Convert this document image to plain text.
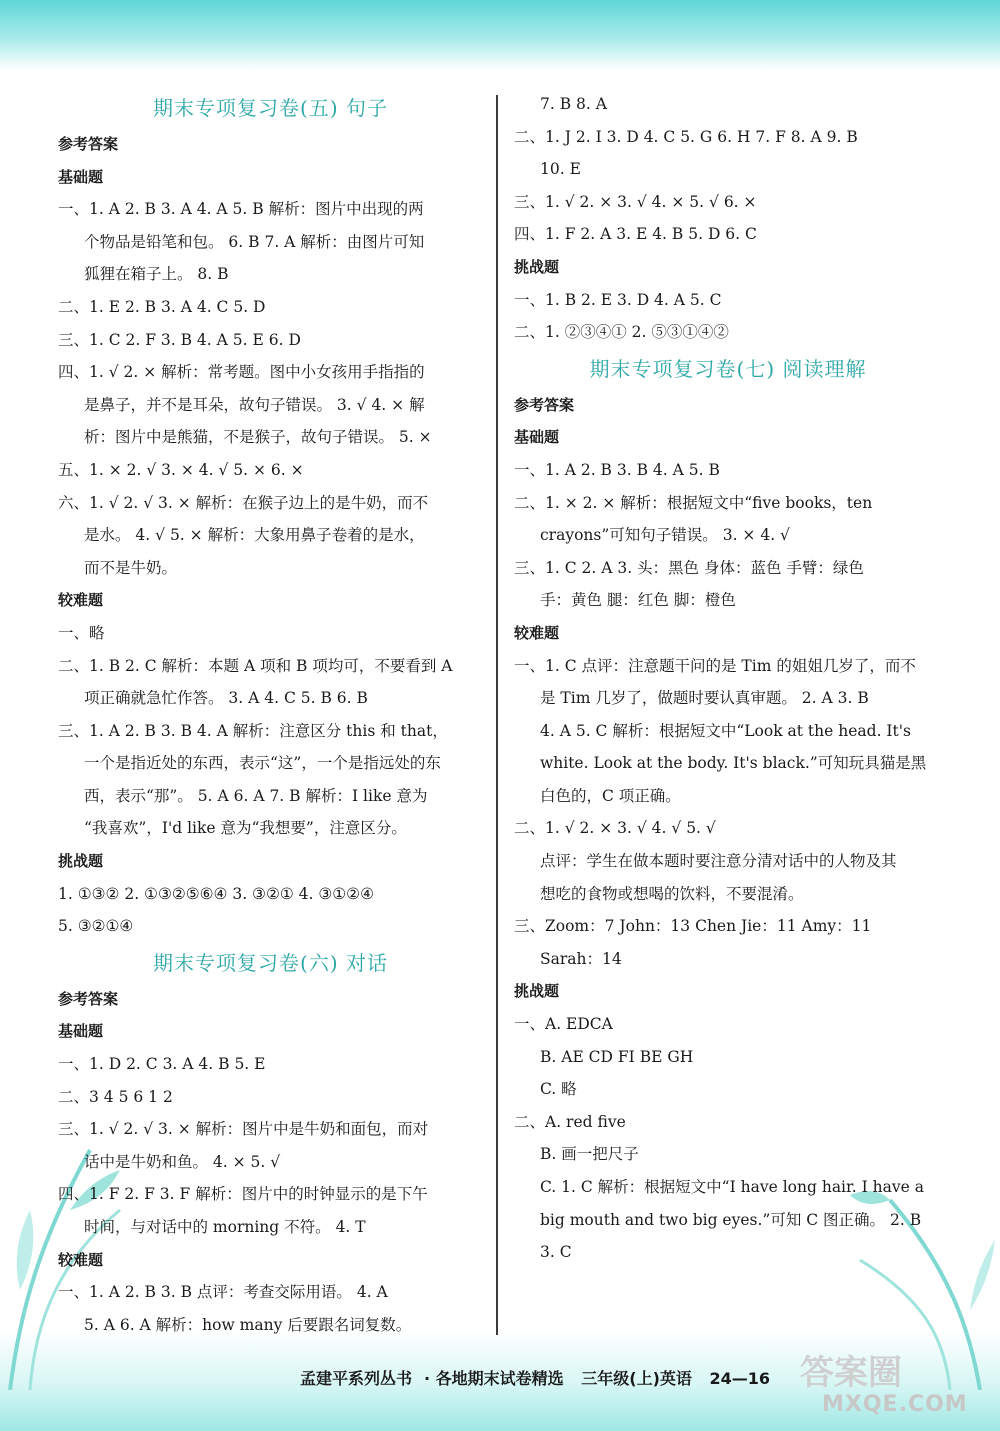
期末专项复习卷(五) 句子
参考答案
基础题
一、1. A 2. B 3. A 4. A 5. B 解析：图片中出现的两
个物品是铅笔和包。 6. B 7. A 解析：由图片可知
狐狸在箱子上。 8. B
二、1. E 2. B 3. A 4. C 5. D
三、1. C 2. F 3. B 4. A 5. E 6. D
四、1. √ 2. × 解析：常考题。图中小女孩用手指指的
是鼻子，并不是耳朵，故句子错误。 3. √ 4. × 解
析：图片中是熊猫，不是猴子，故句子错误。 5. ×
五、1. × 2. √ 3. × 4. √ 5. × 6. ×
六、1. √ 2. √ 3. × 解析：在猴子边上的是牛奶，而不
是水。 4. √ 5. × 解析：大象用鼻子卷着的是水，
而不是牛奶。
较难题
一、略
二、1. B 2. C 解析：本题 A 项和 B 项均可，不要看到 A
项正确就急忙作答。 3. A 4. C 5. B 6. B
三、1. A 2. B 3. B 4. A 解析：注意区分 this 和 that，
一个是指近处的东西，表示“这”，一个是指远处的东
西，表示“那”。 5. A 6. A 7. B 解析：I like 意为
“我喜欢”，I'd like 意为“我想要”，注意区分。
挑战题
1. ①③② 2. ①③②⑤⑥④ 3. ③②① 4. ③①②④
5. ③②①④
期末专项复习卷(六) 对话
参考答案
基础题
一、1. D 2. C 3. A 4. B 5. E
二、3 4 5 6 1 2
三、1. √ 2. √ 3. × 解析：图片中是牛奶和面包，而对
话中是牛奶和鱼。 4. × 5. √
四、1. F 2. F 3. F 解析：图片中的时钟显示的是下午
时间，与对话中的 morning 不符。 4. T
较难题
一、1. A 2. B 3. B 点评：考查交际用语。 4. A
5. A 6. A 解析：how many 后要跟名词复数。
7. B 8. A
二、1. J 2. I 3. D 4. C 5. G 6. H 7. F 8. A 9. B
10. E
三、1. √ 2. × 3. √ 4. × 5. √ 6. ×
四、1. F 2. A 3. E 4. B 5. D 6. C
挑战题
一、1. B 2. E 3. D 4. A 5. C
二、1. ②③④① 2. ⑤③①④②
期末专项复习卷(七) 阅读理解
参考答案
基础题
一、1. A 2. B 3. B 4. A 5. B
二、1. × 2. × 解析：根据短文中“five books，ten
crayons”可知句子错误。 3. × 4. √
三、1. C 2. A 3. 头：黑色 身体：蓝色 手臂：绿色
手：黄色 腿：红色 脚：橙色
较难题
一、1. C 点评：注意题干问的是 Tim 的姐姐几岁了，而不
是 Tim 几岁了，做题时要认真审题。 2. A 3. B
4. A 5. C 解析：根据短文中“Look at the head. It's
white. Look at the body. It's black.”可知玩具猫是黑
白色的，C 项正确。
二、1. √ 2. × 3. √ 4. √ 5. √
点评：学生在做本题时要注意分清对话中的人物及其
想吃的食物或想喝的饮料，不要混淆。
三、Zoom：7 John：13 Chen Jie：11 Amy：11
Sarah：14
挑战题
一、A. EDCA
B. AE CD FI BE GH
C. 略
二、A. red five
B. 画一把尺子
C. 1. C 解析：根据短文中“I have long hair. I have a
big mouth and two big eyes.”可知 C 图正确。 2. B
3. C
孟建平系列丛书 · 各地期末试卷精选 三年级(上)英语 24—16 答案圈
MXQE.COM
